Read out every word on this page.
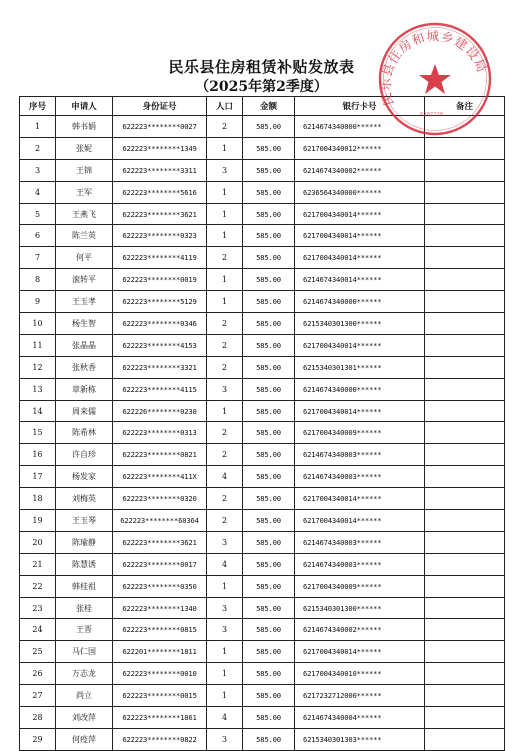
民乐县住房租赁补贴发放表
（2025年第2季度）
序号	申请人	身份证号	人口	金额	银行卡号	备注
1	韩书娟	622223********0027	2	585.00	6214674340000******	
2	张妮	622223********1349	1	585.00	6217004340012******	
3	王锦	622223********3311	3	585.00	6214674340002******	
4	王军	622223********5616	1	585.00	6236564340000******	
5	王燕飞	622223********3621	1	585.00	6217004340014******	
6	陈兰英	622223********0323	1	585.00	6217004340014******	
7	何平	622223********4119	2	585.00	6217004340014******	
8	滚转平	622223********0019	1	585.00	6214674340014******	
9	王玉孝	622223********5129	1	585.00	6214674340000******	
10	杨生智	622223********0346	2	585.00	6215340301300******	
11	张晶晶	622223********4153	2	585.00	6217004340014******	
12	张秋香	622223********3321	2	585.00	6215340301301******	
13	章新栋	622223********4115	3	585.00	6214674340000******	
14	周来儒	622226********0230	1	585.00	6217004340014******	
15	陈希林	622223********0313	2	585.00	6217004340009******	
16	许自珍	622223********0821	2	585.00	6214674340003******	
17	杨发家	622223********411X	4	585.00	6214674340003******	
18	刘梅英	622223********0320	2	585.00	6217004340014******	
19	王玉琴	622223********60364	2	585.00	6217004340014******	
20	陈瑜静	622223********3621	3	585.00	6214674340003******	
21	陈慧诱	622223********0017	4	585.00	6214674340003******	
22	韩桂祖	622223********0350	1	585.00	6217004340009******	
23	张桂	622223********1340	3	585.00	6215340301300******	
24	王晋	622223********0815	3	585.00	6214674340002******	
25	马仁国	622201********1811	1	585.00	6217004340014******	
26	万志龙	622223********0010	1	585.00	6217004340010******	
27	尚立	622223********0015	1	585.00	6217232712000******	
28	刘改萍	622223********1861	4	585.00	6214674340004******	
29	何疫萍	622223********0822	3	585.00	6215340301303******	
民乐县住房和城乡建设局
6207220
